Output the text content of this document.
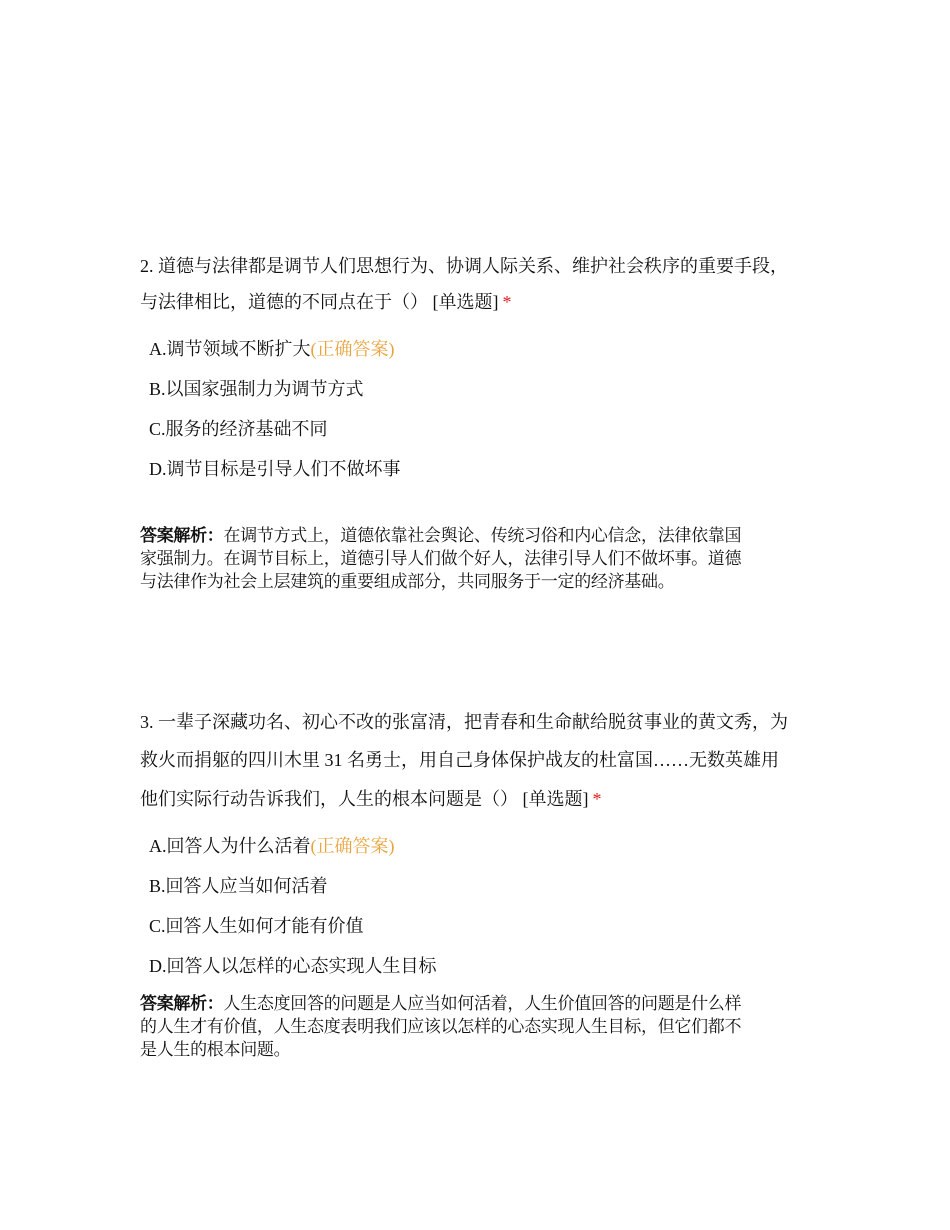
2. 道德与法律都是调节人们思想行为、协调人际关系、维护社会秩序的重要手段，
与法律相比，道德的不同点在于（） [单选题] *
A.调节领域不断扩大(正确答案)
B.以国家强制力为调节方式
C.服务的经济基础不同
D.调节目标是引导人们不做坏事
答案解析：在调节方式上，道德依靠社会舆论、传统习俗和内心信念，法律依靠国
家强制力。在调节目标上，道德引导人们做个好人，法律引导人们不做坏事。道德
与法律作为社会上层建筑的重要组成部分，共同服务于一定的经济基础。
3. 一辈子深藏功名、初心不改的张富清，把青春和生命献给脱贫事业的黄文秀，为
救火而捐躯的四川木里 31 名勇士，用自己身体保护战友的杜富国……无数英雄用
他们实际行动告诉我们，人生的根本问题是（） [单选题] *
A.回答人为什么活着(正确答案)
B.回答人应当如何活着
C.回答人生如何才能有价值
D.回答人以怎样的心态实现人生目标
答案解析：人生态度回答的问题是人应当如何活着，人生价值回答的问题是什么样
的人生才有价值，人生态度表明我们应该以怎样的心态实现人生目标，但它们都不
是人生的根本问题。
